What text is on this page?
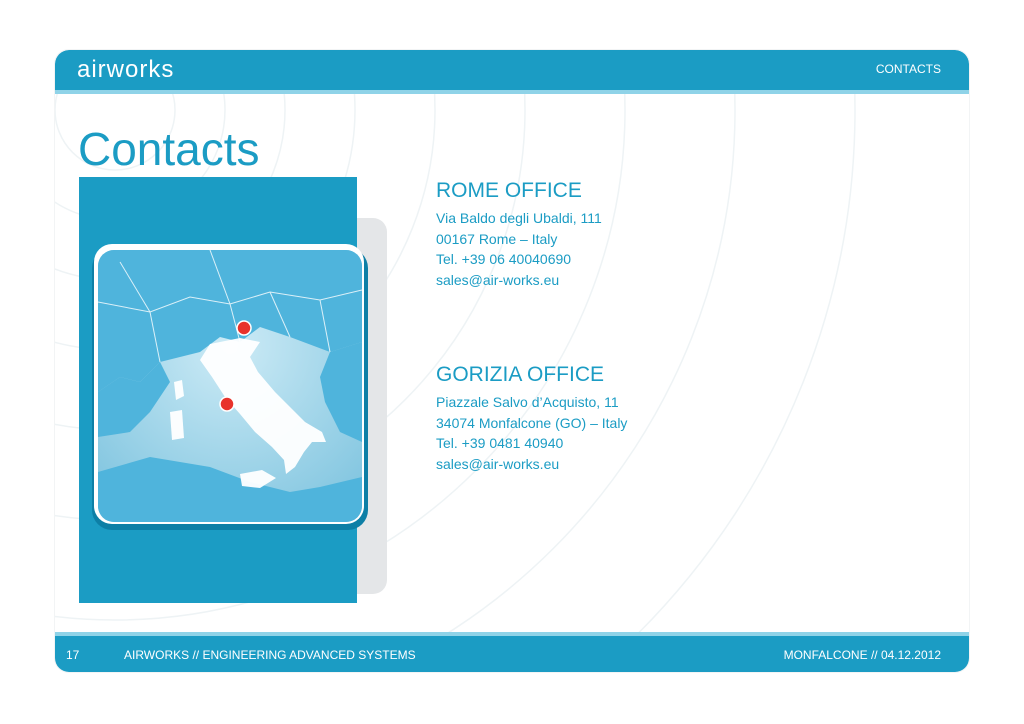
airworks	CONTACTS
Contacts
ROME OFFICE
Via Baldo degli Ubaldi, 111
00167 Rome – Italy
Tel. +39 06 40040690
sales@air-works.eu
GORIZIA OFFICE
Piazzale Salvo d’Acquisto, 11
34074 Monfalcone (GO) – Italy
Tel. +39 0481 40940
sales@air-works.eu
17	AIRWORKS // ENGINEERING ADVANCED SYSTEMS	MONFALCONE // 04.12.2012
